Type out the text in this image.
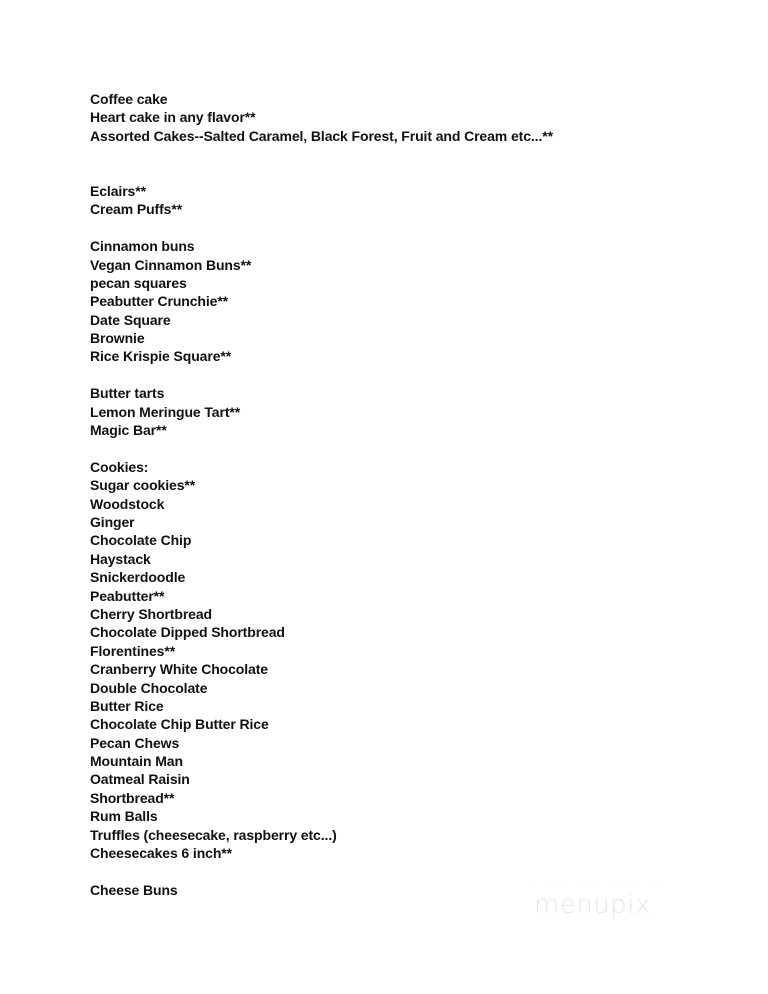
Coffee cake
Heart cake in any flavor**
Assorted Cakes--Salted Caramel, Black Forest, Fruit and Cream etc...**
Eclairs**
Cream Puffs**
Cinnamon buns
Vegan Cinnamon Buns**
pecan squares
Peabutter Crunchie**
Date Square
Brownie
Rice Krispie Square**
Butter tarts
Lemon Meringue Tart**
Magic Bar**
Cookies:
Sugar cookies**
Woodstock
Ginger
Chocolate Chip
Haystack
Snickerdoodle
Peabutter**
Cherry Shortbread
Chocolate Dipped Shortbread
Florentines**
Cranberry White Chocolate
Double Chocolate
Butter Rice
Chocolate Chip Butter Rice
Pecan Chews
Mountain Man
Oatmeal Raisin
Shortbread**
Rum Balls
Truffles (cheesecake, raspberry etc...)
Cheesecakes 6 inch**
Cheese Buns	· · · · · · · · · · · · ·
menupix
